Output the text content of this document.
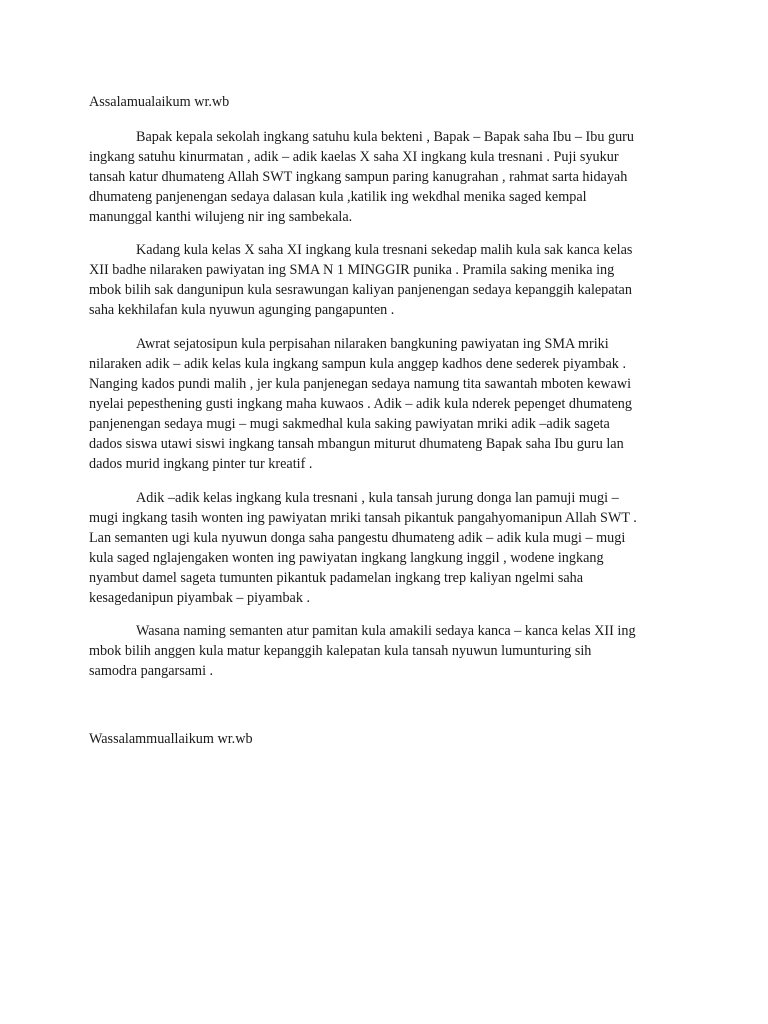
Assalamualaikum wr.wb
Bapak kepala sekolah ingkang satuhu kula bekteni , Bapak – Bapak saha Ibu – Ibu guru
ingkang satuhu kinurmatan , adik – adik kaelas X saha XI ingkang kula tresnani . Puji syukur
tansah katur dhumateng Allah SWT ingkang sampun paring kanugrahan , rahmat sarta hidayah
dhumateng panjenengan sedaya dalasan kula ,katilik ing wekdhal menika saged kempal
manunggal kanthi wilujeng nir ing sambekala.
Kadang kula kelas X saha XI ingkang kula tresnani sekedap malih kula sak kanca kelas
XII badhe nilaraken pawiyatan ing SMA N 1 MINGGIR punika . Pramila saking menika ing
mbok bilih sak dangunipun kula sesrawungan kaliyan panjenengan sedaya kepanggih kalepatan
saha kekhilafan kula nyuwun agunging pangapunten .
Awrat sejatosipun kula perpisahan nilaraken bangkuning pawiyatan ing SMA mriki
nilaraken adik – adik kelas kula ingkang sampun kula anggep kadhos dene sederek piyambak .
Nanging kados pundi malih , jer kula panjenegan sedaya namung tita sawantah mboten kewawi
nyelai pepesthening gusti ingkang maha kuwaos . Adik – adik kula nderek pepenget dhumateng
panjenengan sedaya mugi – mugi sakmedhal kula saking pawiyatan mriki adik –adik sageta
dados siswa utawi siswi ingkang tansah mbangun miturut dhumateng Bapak saha Ibu guru lan
dados murid ingkang pinter tur kreatif .
Adik –adik kelas ingkang kula tresnani , kula tansah jurung donga lan pamuji mugi –
mugi ingkang tasih wonten ing pawiyatan mriki tansah pikantuk pangahyomanipun Allah SWT .
Lan semanten ugi kula nyuwun donga saha pangestu dhumateng adik – adik kula mugi – mugi
kula saged nglajengaken wonten ing pawiyatan ingkang langkung inggil , wodene ingkang
nyambut damel sageta tumunten pikantuk padamelan ingkang trep kaliyan ngelmi saha
kesagedanipun piyambak – piyambak .
Wasana naming semanten atur pamitan kula amakili sedaya kanca – kanca kelas XII ing
mbok bilih anggen kula matur kepanggih kalepatan kula tansah nyuwun lumunturing sih
samodra pangarsami .
Wassalammuallaikum wr.wb
